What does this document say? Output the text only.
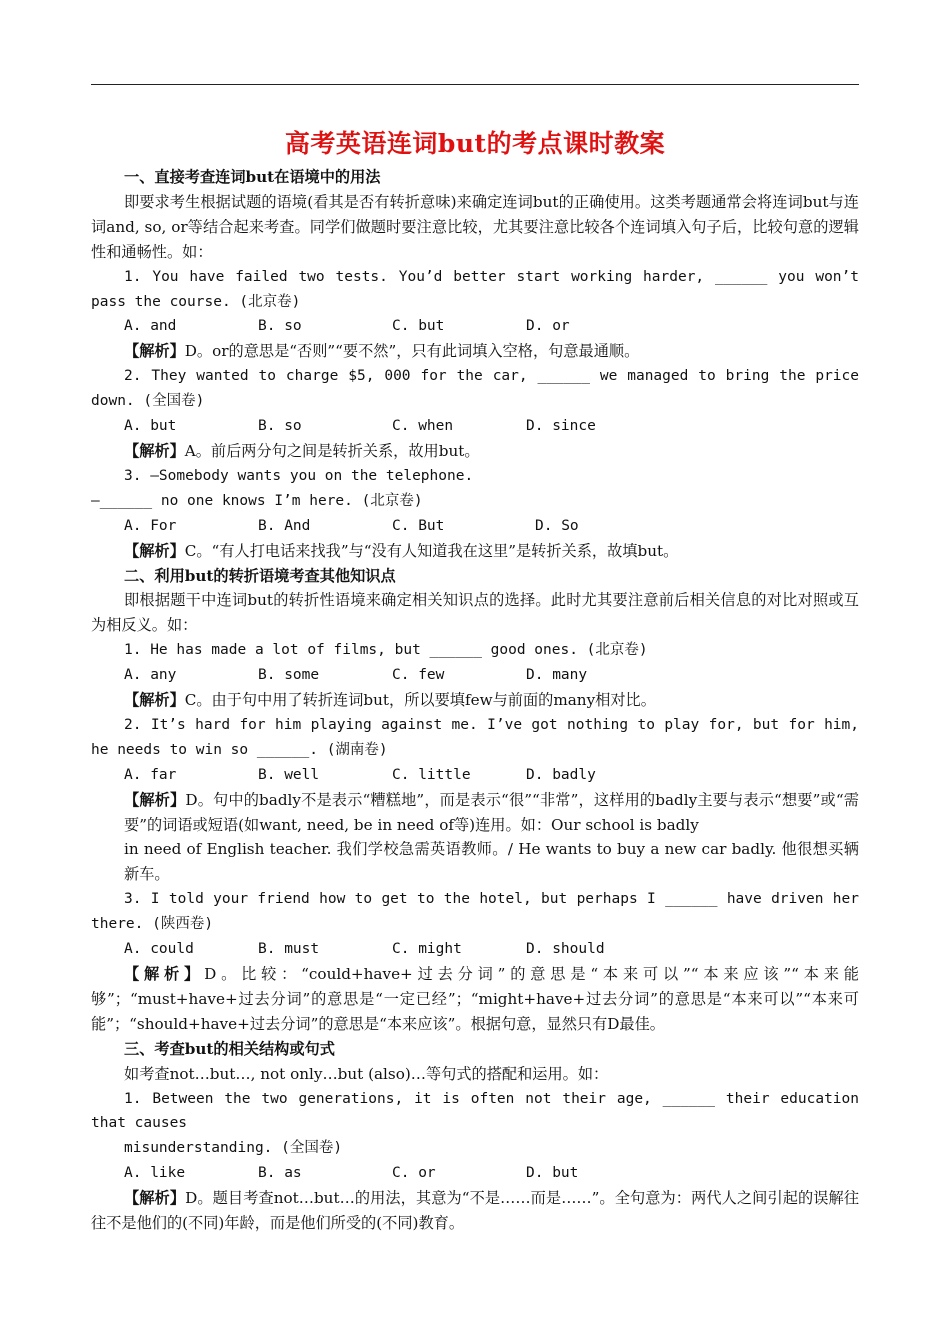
高考英语连词but的考点课时教案

一、直接考查连词but在语境中的用法

即要求考生根据试题的语境(看其是否有转折意味)来确定连词but的正确使用。这类考题通常会将连词but与连词and, so, or等结合起来考查。同学们做题时要注意比较，尤其要注意比较各个连词填入句子后，比较句意的逻辑性和通畅性。如：

1. You have failed two tests. You’d better start working harder, ______ you won’t pass the course. (北京卷)

A. and	B. so	C. but	D. or

【解析】D。or的意思是“否则”“要不然”，只有此词填入空格，句意最通顺。

2. They wanted to charge $5, 000 for the car, ______ we managed to bring the price down. (全国卷)

A. but	B. so	C. when	D. since

【解析】A。前后两分句之间是转折关系，故用but。

3. —Somebody wants you on the telephone.

—______ no one knows I’m here. (北京卷)

A. For	B. And	C. But	D. So

【解析】C。“有人打电话来找我”与“没有人知道我在这里”是转折关系，故填but。

二、利用but的转折语境考查其他知识点

即根据题干中连词but的转折性语境来确定相关知识点的选择。此时尤其要注意前后相关信息的对比对照或互为相反义。如：

1. He has made a lot of films, but ______ good ones. (北京卷)

A. any	B. some	C. few	D. many

【解析】C。由于句中用了转折连词but，所以要填few与前面的many相对比。

2. It’s hard for him playing against me. I’ve got nothing to play for, but for him, he needs to win so ______. (湖南卷)

A. far	B. well	C. little	D. badly

【解析】D。句中的badly不是表示“糟糕地”，而是表示“很”“非常”，这样用的badly主要与表示“想要”或“需要”的词语或短语(如want, need, be in need of等)连用。如：Our school is badly

in need of English teacher. 我们学校急需英语教师。/ He wants to buy a new car badly. 他很想买辆新车。

3. I told your friend how to get to the hotel, but perhaps I ______ have driven her there. (陕西卷)

A. could	B. must	C. might	D. should

【解析】D。比较：“could+have+过去分词”的意思是“本来可以”“本来应该”“本来能够”；“must+have+过去分词”的意思是“一定已经”；“might+have+过去分词”的意思是“本来可以”“本来可能”；“should+have+过去分词”的意思是“本来应该”。根据句意，显然只有D最佳。

三、考查but的相关结构或句式

如考查not…but…, not only…but (also)…等句式的搭配和运用。如：

1. Between the two generations, it is often not their age, ______ their education that causes

misunderstanding. (全国卷)

A. like	B. as	C. or	D. but

【解析】D。题目考查not…but…的用法，其意为“不是……而是……”。全句意为：两代人之间引起的误解往往不是他们的(不同)年龄，而是他们所受的(不同)教育。
